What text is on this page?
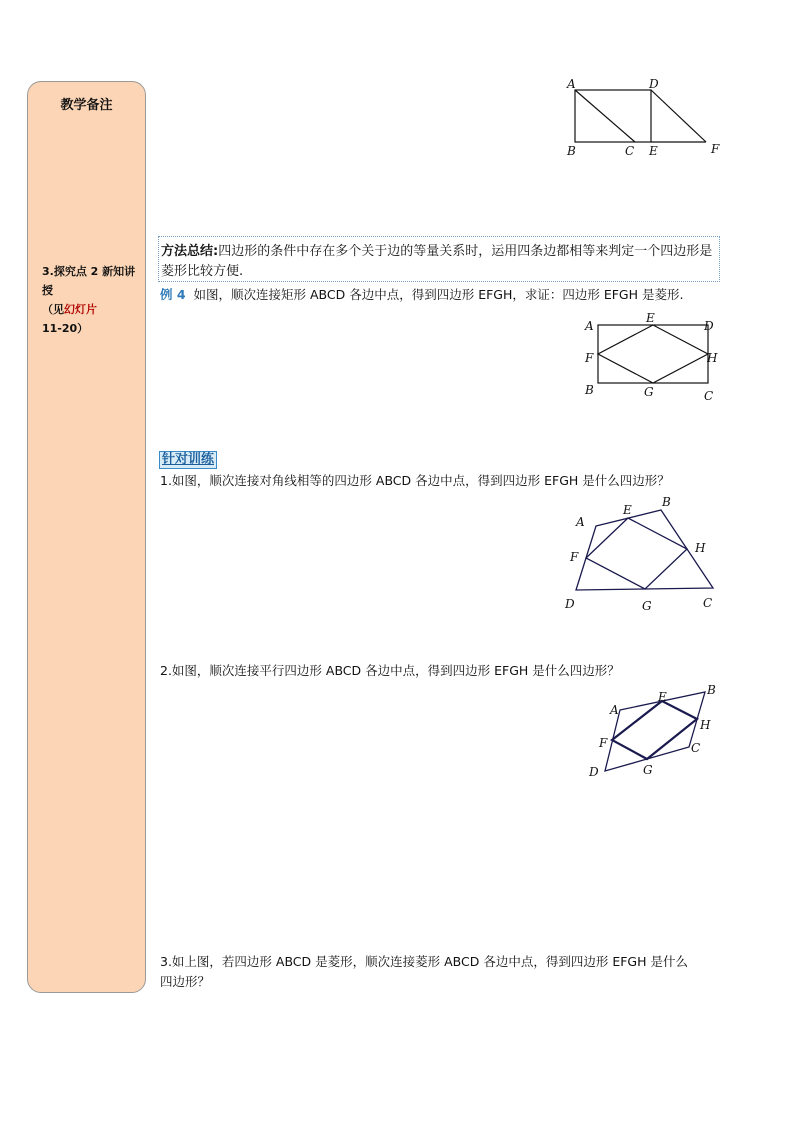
教学备注
3.探究点 2 新知讲授
（见幻灯片
11-20）
A	D
B	C E	F
方法总结:四边形的条件中存在多个关于边的等量关系时，运用四条边都相等来判定一个四边形是菱形比较方便.
例 4 如图，顺次连接矩形 ABCD 各边中点，得到四边形 EFGH，求证：四边形 EFGH 是菱形.
A
E
D
F	H
B	G	C
针对训练
1.如图，顺次连接对角线相等的四边形 ABCD 各边中点，得到四边形 EFGH 是什么四边形？
A
E
B
F
H
D	G	C
2.如图，顺次连接平行四边形 ABCD 各边中点，得到四边形 EFGH 是什么四边形？
A
E	B
H
F	C
D	G
3.如上图，若四边形 ABCD 是菱形，顺次连接菱形 ABCD 各边中点，得到四边形 EFGH 是什么
四边形？
